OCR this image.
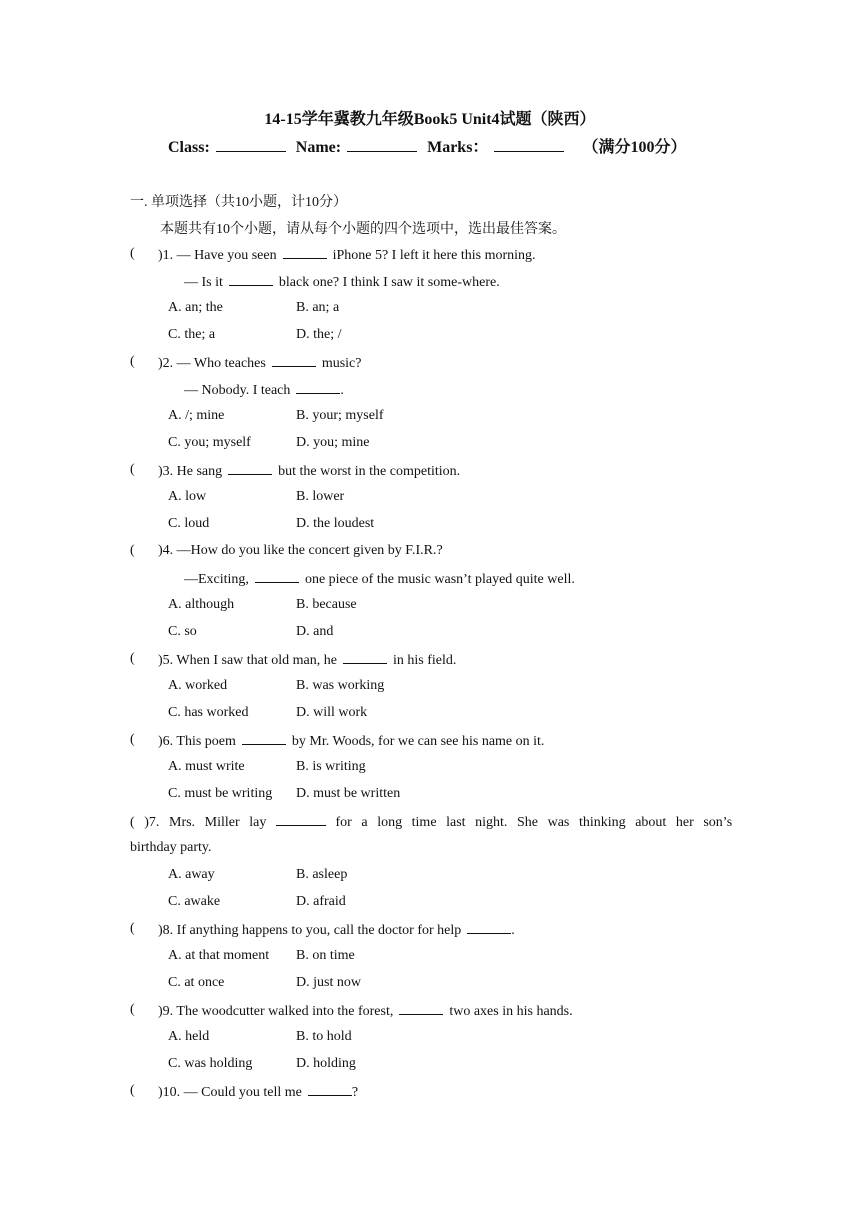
14-15学年冀教九年级Book5 Unit4试题（陕西）
Class:	Name:	Marks：	（满分100分）
一. 单项选择（共10小题，计10分）
本题共有10个小题，请从每个小题的四个选项中，选出最佳答案。
( )1. — Have you seen	iPhone 5? I left it here this morning.
— Is it	black one? I think I saw it some-where.
A. an; the	B. an; a
C. the; a	D. the; /
( )2. — Who teaches	music?
— Nobody. I teach	.
A. /; mine	B. your; myself
C. you; myself	D. you; mine
( )3. He sang	but the worst in the competition.
A. low	B. lower
C. loud	D. the loudest
( )4. —How do you like the concert given by F.I.R.?
—Exciting,	one piece of the music wasn’t played quite well.
A. although	B. because
C. so	D. and
( )5. When I saw that old man, he	in his field.
A. worked	B. was working
C. has worked	D. will work
( )6. This poem	by Mr. Woods, for we can see his name on it.
A. must write	B. is writing
C. must be writing D. must be written
( )7. Mrs. Miller lay	for a long time last night. She was thinking about her son’s
birthday party.
A. away	B. asleep
C. awake	D. afraid
( )8. If anything happens to you, call the doctor for help	.
A. at that moment B. on time
C. at once	D. just now
( )9. The woodcutter walked into the forest,	two axes in his hands.
A. held	B. to hold
C. was holding	D. holding
( )10. — Could you tell me	?
